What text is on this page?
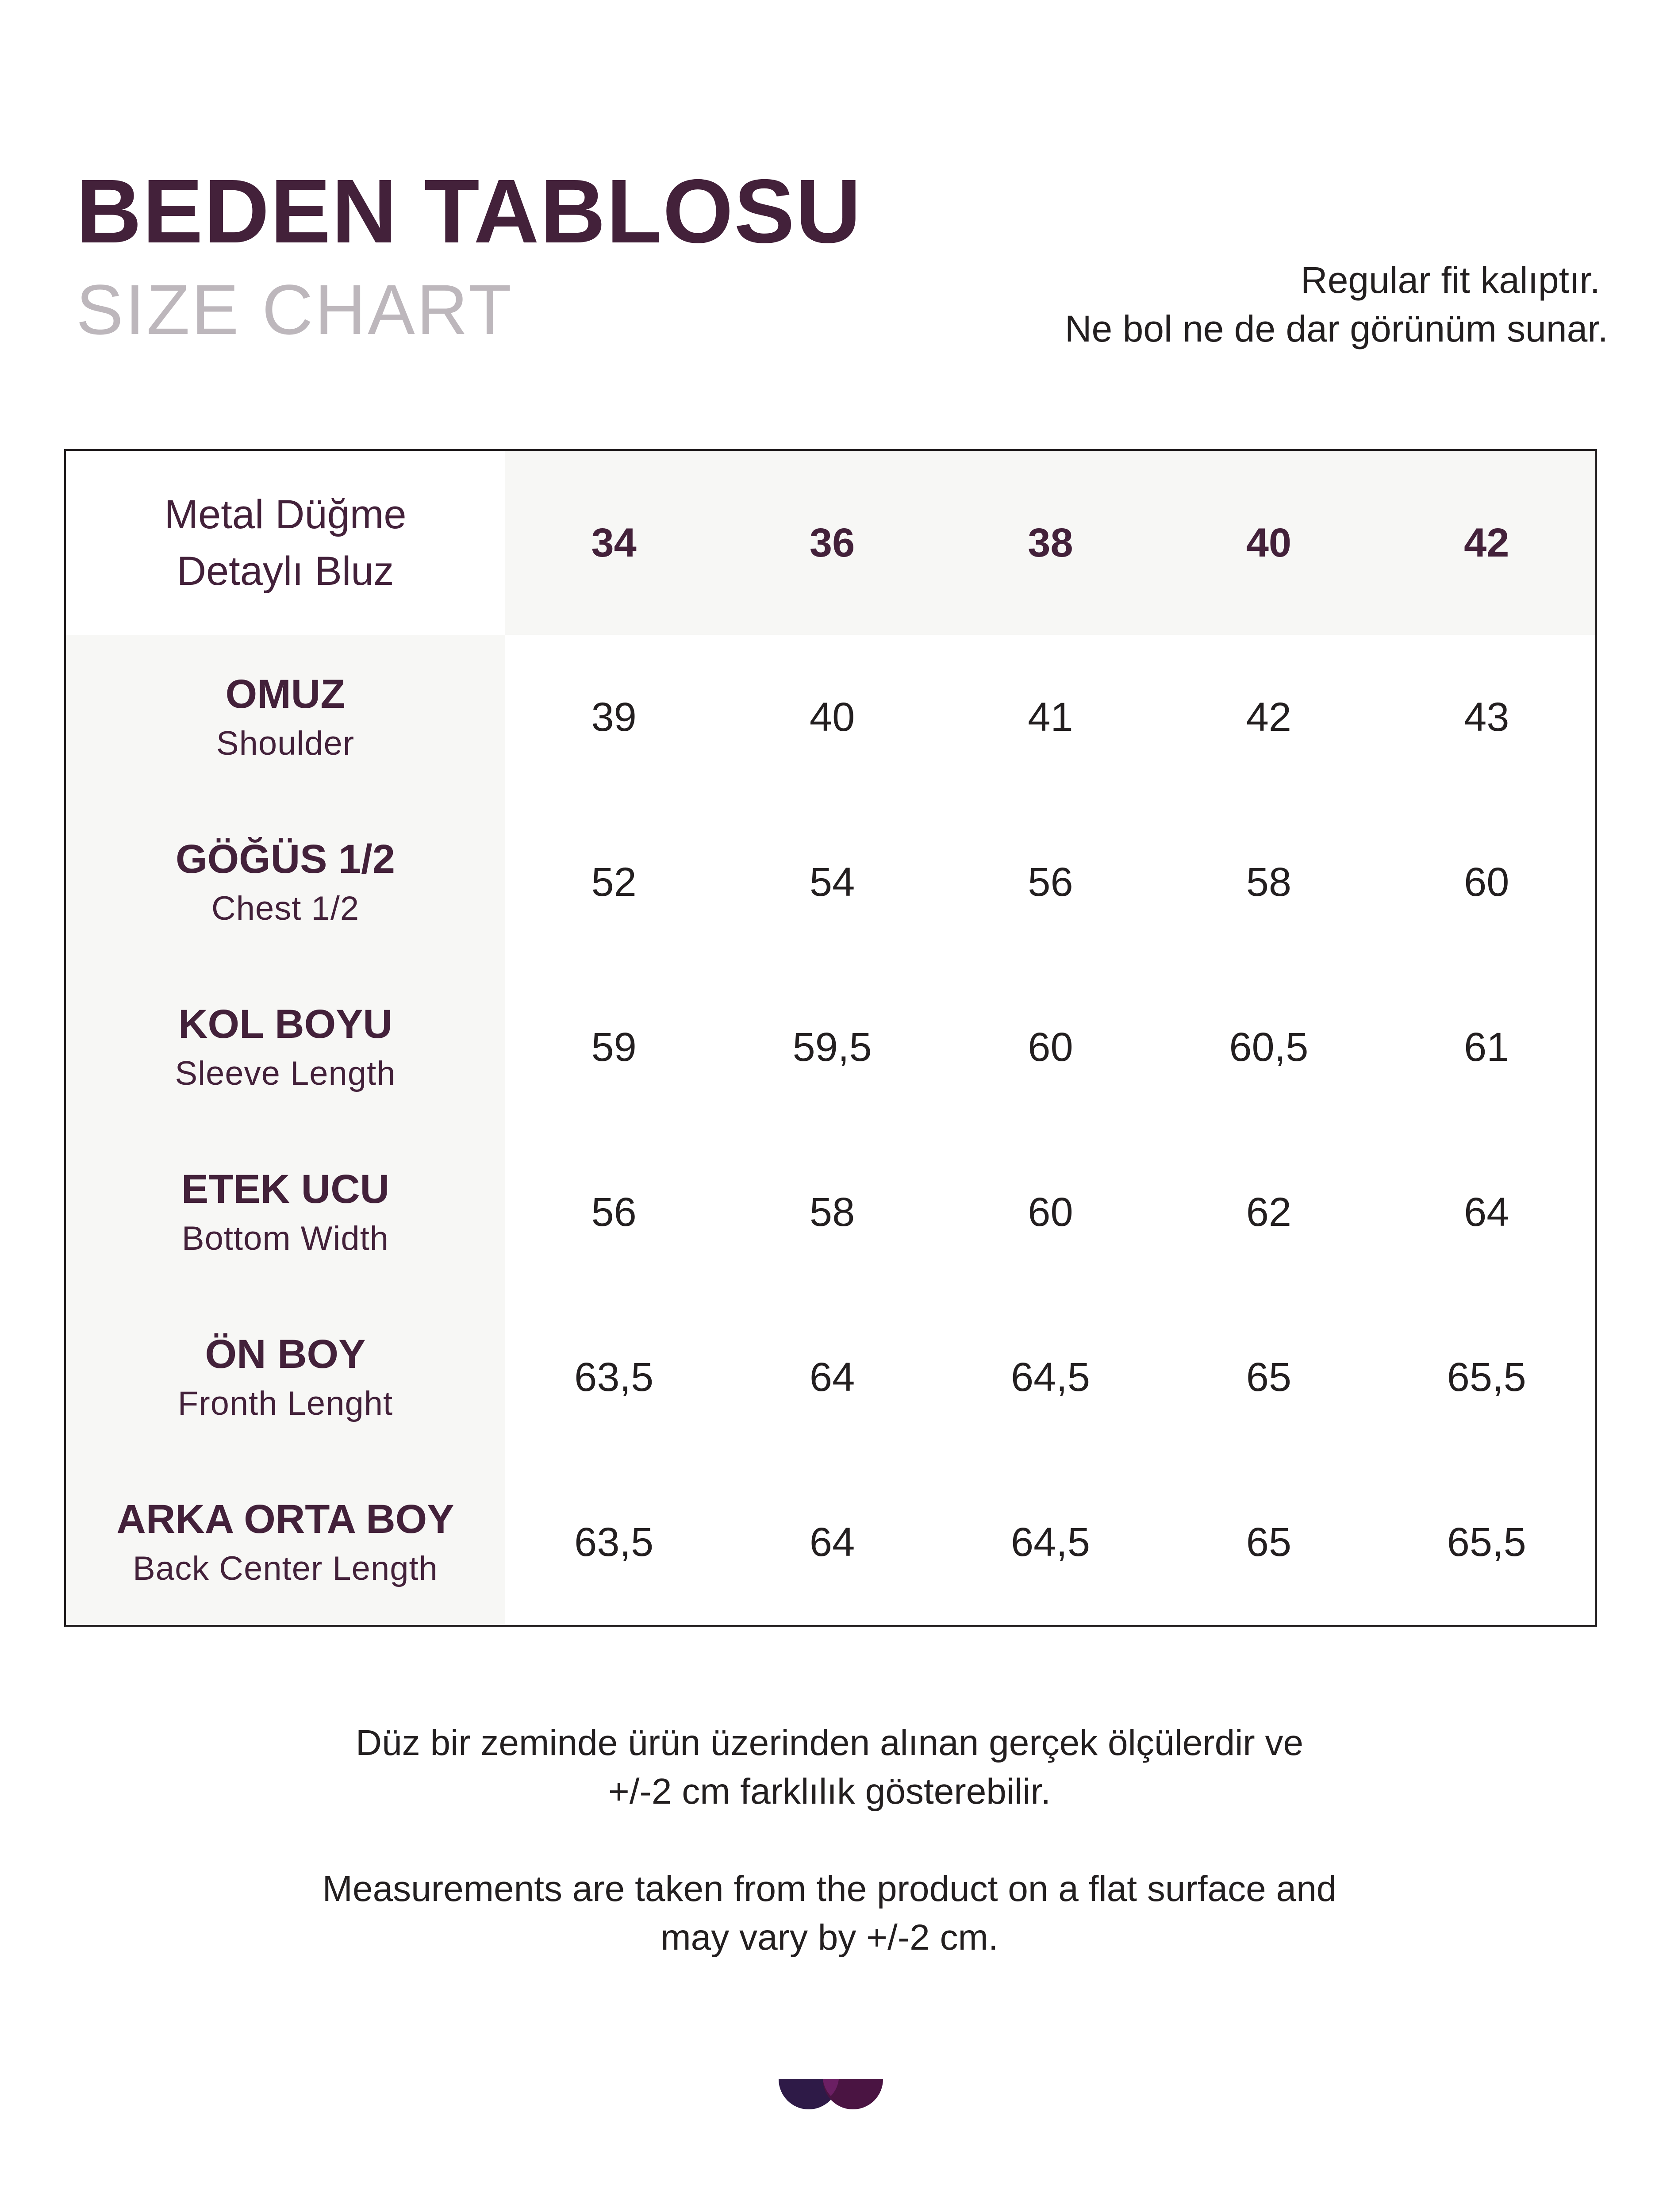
BEDEN TABLOSU
SIZE CHART	Regular fit kalıptır.
Ne bol ne de dar görünüm sunar.
Metal Düğme
Detaylı Bluz	34	36	38	40	42

OMUZ
Shoulder	39	40	41	42	43

GÖĞÜS 1/2
Chest 1/2	52	54	56	58	60

KOL BOYU
Sleeve Length	59	59,5	60	60,5	61

ETEK UCU
Bottom Width	56	58	60	62	64

ÖN BOY
Fronth Lenght	63,5	64	64,5	65	65,5

ARKA ORTA BOY
Back Center Length	63,5	64	64,5	65	65,5
Düz bir zeminde ürün üzerinden alınan gerçek ölçülerdir ve
+/-2 cm farklılık gösterebilir.
Measurements are taken from the product on a flat surface and
may vary by +/-2 cm.
